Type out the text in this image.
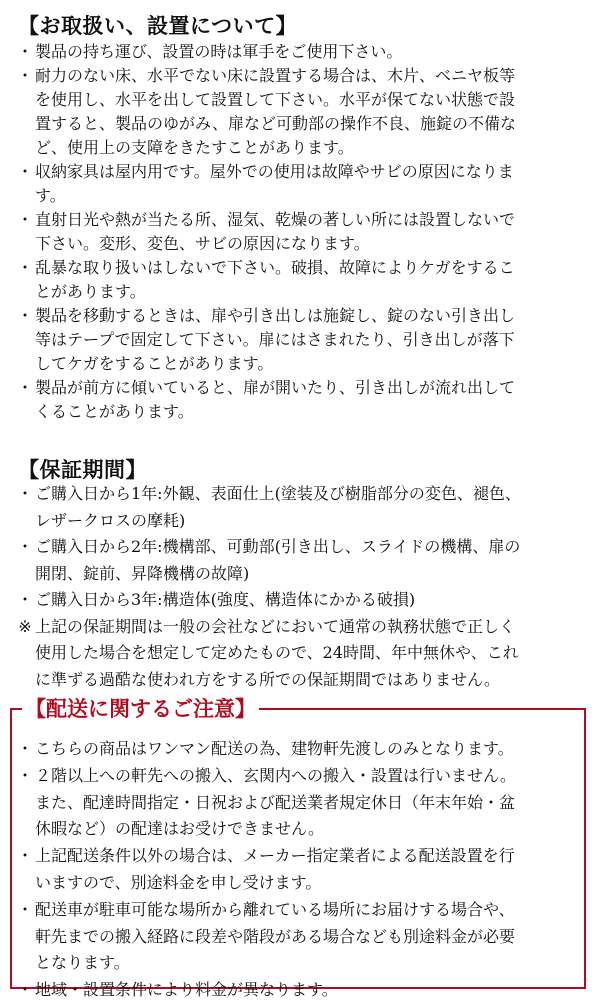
【お取扱い、設置について】
・ 製品の持ち運び、設置の時は軍手をご使用下さい。
・ 耐力のない床、水平でない床に設置する場合は、木片、ベニヤ板等
を使用し、水平を出して設置して下さい。水平が保てない状態で設
置すると、製品のゆがみ、扉など可動部の操作不良、施錠の不備な
ど、使用上の支障をきたすことがあります。
・ 収納家具は屋内用です。屋外での使用は故障やサビの原因になりま
す。
・ 直射日光や熱が当たる所、湿気、乾燥の著しい所には設置しないで
下さい。変形、変色、サビの原因になります。
・ 乱暴な取り扱いはしないで下さい。破損、故障によりケガをするこ
とがあります。
・ 製品を移動するときは、扉や引き出しは施錠し、錠のない引き出し
等はテープで固定して下さい。扉にはさまれたり、引き出しが落下
してケガをすることがあります。
・ 製品が前方に傾いていると、扉が開いたり、引き出しが流れ出して
くることがあります。
【保証期間】
・ ご購入日から1年:外観、表面仕上(塗装及び樹脂部分の変色、褪色、
レザークロスの摩耗)
・ ご購入日から2年:機構部、可動部(引き出し、スライドの機構、扉の
開閉、錠前、昇降機構の故障)
・ ご購入日から3年:構造体(強度、構造体にかかる破損)
※ 上記の保証期間は一般の会社などにおいて通常の執務状態で正しく
使用した場合を想定して定めたもので、24時間、年中無休や、これ
に準ずる過酷な使われ方をする所での保証期間ではありません。
【配送に関するご注意】
・ こちらの商品はワンマン配送の為、建物軒先渡しのみとなります。
・ ２階以上への軒先への搬入、玄関内への搬入・設置は行いません。
また、配達時間指定・日祝および配送業者規定休日（年末年始・盆
休暇など）の配達はお受けできません。
・ 上記配送条件以外の場合は、メーカー指定業者による配送設置を行
いますので、別途料金を申し受けます。
・ 配送車が駐車可能な場所から離れている場所にお届けする場合や、
軒先までの搬入経路に段差や階段がある場合なども別途料金が必要
となります。
・ 地域・設置条件により料金が異なります。
